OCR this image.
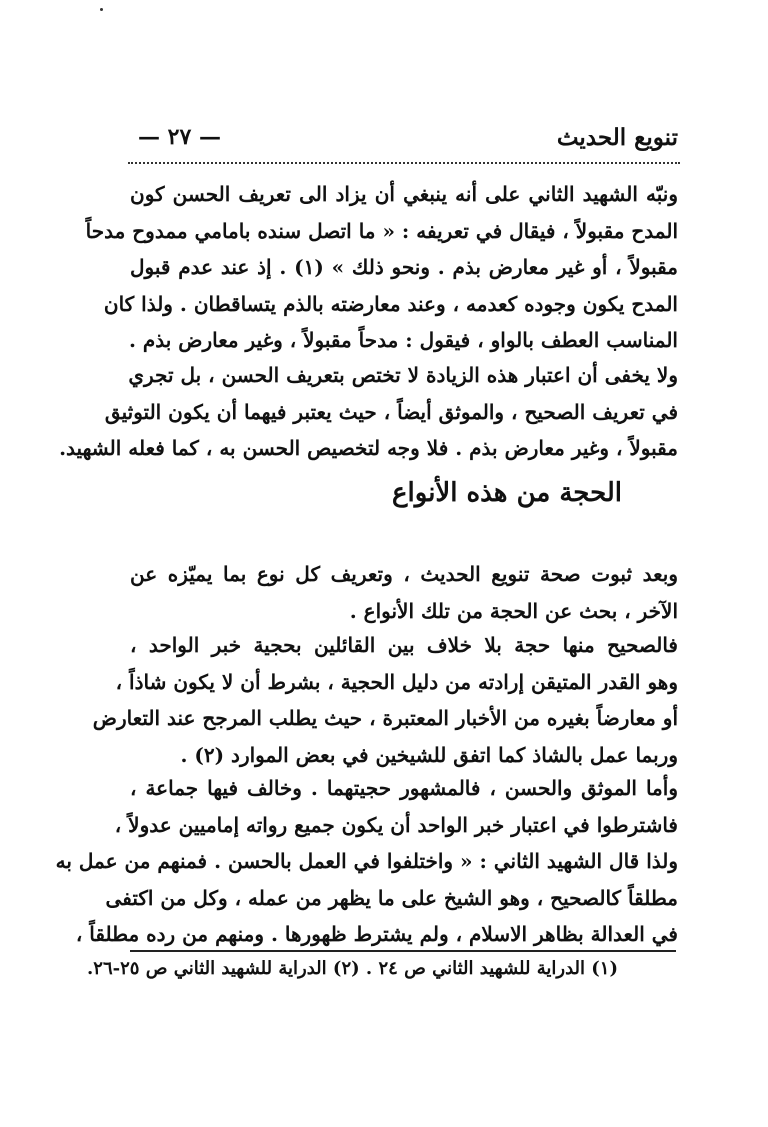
تنويع الحديث
— ٢٧ —
ونبّه الشهيد الثاني على أنه ينبغي أن يزاد الى تعريف الحسن كون
المدح مقبولاً ، فيقال في تعريفه : « ما اتصل سنده بامامي ممدوح مدحاً
مقبولاً ، أو غير معارض بذم . ونحو ذلك » (١) . إذ عند عدم قبول
المدح يكون وجوده كعدمه ، وعند معارضته بالذم يتساقطان . ولذا كان
المناسب العطف بالواو ، فيقول : مدحاً مقبولاً ، وغير معارض بذم .
ولا يخفى أن اعتبار هذه الزيادة لا تختص بتعريف الحسن ، بل تجري
في تعريف الصحيح ، والموثق أيضاً ، حيث يعتبر فيهما أن يكون التوثيق
مقبولاً ، وغير معارض بذم . فلا وجه لتخصيص الحسن به ، كما فعله الشهيد.
الحجة من هذه الأنواع
وبعد ثبوت صحة تنويع الحديث ، وتعريف كل نوع بما يميّزه عن
الآخر ، بحث عن الحجة من تلك الأنواع .
فالصحيح منها حجة بلا خلاف بين القائلين بحجية خبر الواحد ،
وهو القدر المتيقن إرادته من دليل الحجية ، بشرط أن لا يكون شاذاً ،
أو معارضاً بغيره من الأخبار المعتبرة ، حيث يطلب المرجح عند التعارض
وربما عمل بالشاذ كما اتفق للشيخين في بعض الموارد (٢) .
وأما الموثق والحسن ، فالمشهور حجيتهما . وخالف فيها جماعة ،
فاشترطوا في اعتبار خبر الواحد أن يكون جميع رواته إماميين عدولاً ،
ولذا قال الشهيد الثاني : « واختلفوا في العمل بالحسن . فمنهم من عمل به
مطلقاً كالصحيح ، وهو الشيخ على ما يظهر من عمله ، وكل من اكتفى
في العدالة بظاهر الاسلام ، ولم يشترط ظهورها . ومنهم من رده مطلقاً ،
(١) الدراية للشهيد الثاني ص ٢٤ . (٢) الدراية للشهيد الثاني ص ٢٥-٢٦.
